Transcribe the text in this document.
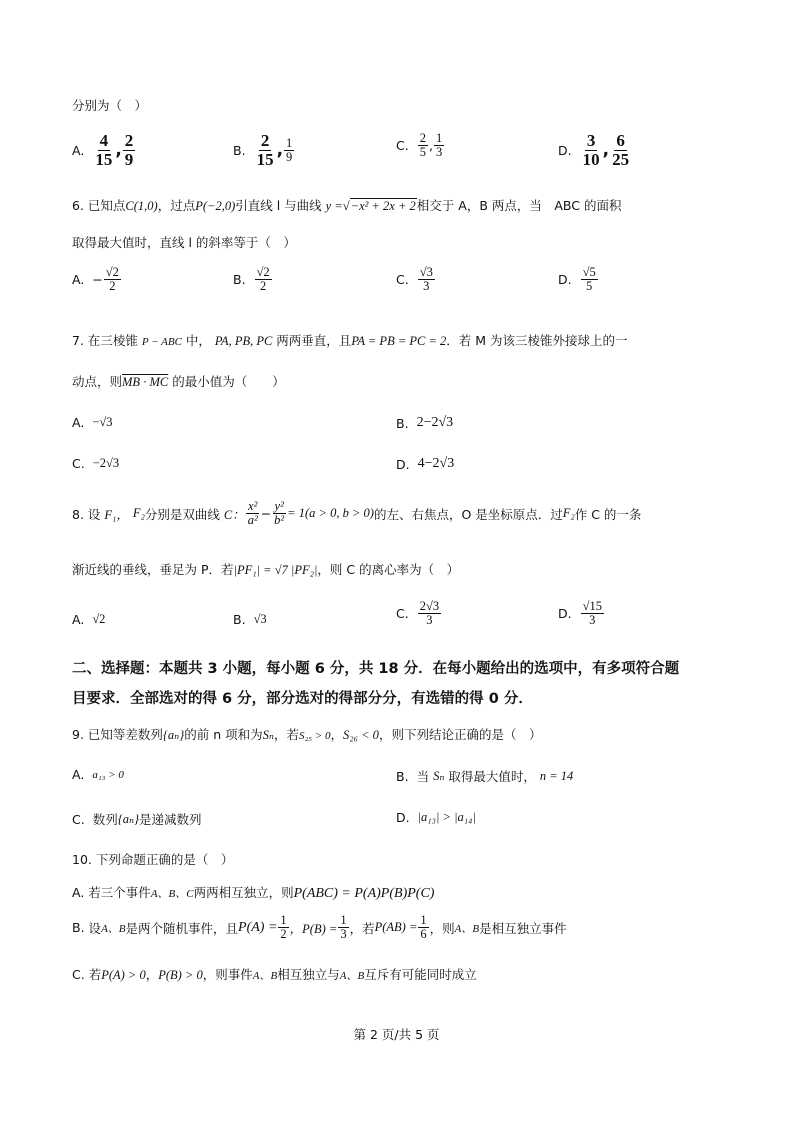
分别为（　）
A. $\frac{4}{15}$ , $\frac{2}{9}$	B. $\frac{2}{15}$ , $\frac{1}{9}$	C. $\frac{2}{5}$ , $\frac{1}{3}$	D. $\frac{3}{10}$ , $\frac{6}{25}$
6. 已知点C(1,0)，过点P(−2,0)引直线 l 与曲线 y =√−x² + 2x + 2相交于 A，B 两点，当　ABC 的面积
取得最大值时，直线 l 的斜率等于（　）
A. − $\frac{√2}{2}$	B. $\frac{√2}{2}$	C. $\frac{√3}{3}$	D. $\frac{√5}{5}$
7. 在三棱锥 P − ABC 中， PA, PB, PC 两两垂直，且PA = PB = PC = 2．若 M 为该三棱锥外接球上的一
动点，则MB · MC 的最小值为（　　）
A. −√3	B. 2−2√3
C. −2√3	D. 4−2√3
8. 设
F₁，
F₂ 分别是双曲线
C： $\frac{\text{x²}}{\text{a²}} - \frac{\text{y²}}{\text{b²}} = 1(a > 0$, b > 0) 的左、右焦点，O 是坐标原点．过 F₂ 作 C 的一条
渐近线的垂线，垂足为 P．若|PF₁| = √7 |PF₂|，则 C 的离心率为（　）
A. √2	B. √3	C. $\frac{2√3}{3}$	D. $\frac{√15}{3}$
二、选择题：本题共 3 小题，每小题 6 分，共 18 分．在每小题给出的选项中，有多项符合题
目要求．全部选对的得 6 分，部分选对的得部分分，有选错的得 0 分．
9. 已知等差数列{aₙ}的前 n 项和为Sₙ，若S₂₅ > 0，S₂₆ < 0，则下列结论正确的是（　）
A. a₁₃ > 0	B. 当
Sₙ
取得最大值时，
n = 14
C. 数列 {aₙ} 是递减数列	D. |a₁₃| > |a₁₄|
10. 下列命题正确的是（　）
A. 若三个事件A、B、C两两相互独立，则P(ABC) = P(A)P(B)P(C)
B.
设 A、B 是两个随机事件，且 $P(A) = \frac{1}{2}$ ，$P(B) = \frac{1}{3}$ ，若 $P(AB) = \frac{1}{6}$ ，则 A、B 是相互独立事件
C. 若P(A) > 0，P(B) > 0，则事件A、B相互独立与A、B互斥有可能同时成立
第 2 页/共 5 页
